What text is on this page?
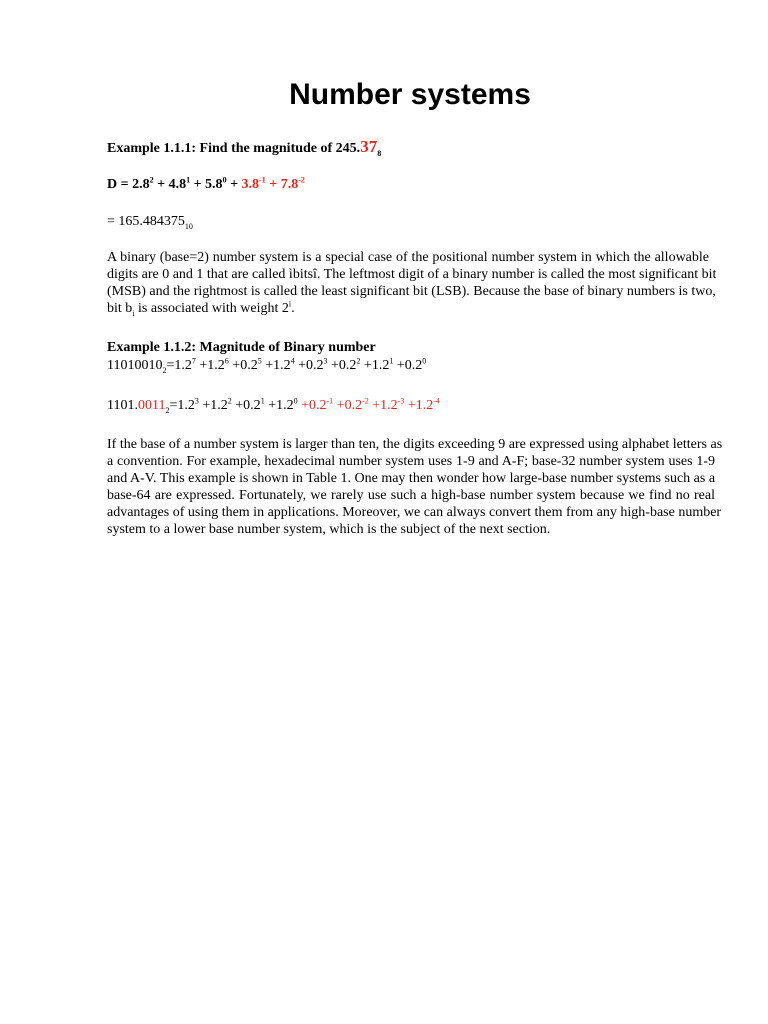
Number systems
Example 1.1.1: Find the magnitude of $245.37_8$
$D = 2.8^2 + 4.8^1 + 5.8^0 + 3.8^{-1} + 7.8^{-2}$
= $165.484375_{10}$
A binary (base=2) number system is a special case of the positional number system in which the allowable
digits are 0 and 1 that are called ìbitsî. The leftmost digit of a binary number is called the most significant bit
(MSB) and the rightmost is called the least significant bit (LSB). Because the base of binary numbers is two,
bit $b_i$ is associated with weight 2$^i$.
Example 1.1.2: Magnitude of Binary number
$11010010_2=1.2^7 +1.2^6 +0.2^5 +1.2^4 +0.2^3 +0.2^2 +1.2^1 +0.2^0$
$1101.0011_2=1.2^3 +1.2^2 +0.2^1 +1.2^0 +0.2^{-1} +0.2^{-2} +1.2^{-3} +1.2^{-4}$
If the base of a number system is larger than ten, the digits exceeding 9 are expressed using alphabet letters as
a convention. For example, hexadecimal number system uses 1-9 and A-F; base-32 number system uses 1-9
and A-V. This example is shown in Table 1. One may then wonder how large-base number systems such as a
base-64 are expressed. Fortunately, we rarely use such a high-base number system because we find no real
advantages of using them in applications. Moreover, we can always convert them from any high-base number
system to a lower base number system, which is the subject of the next section.
